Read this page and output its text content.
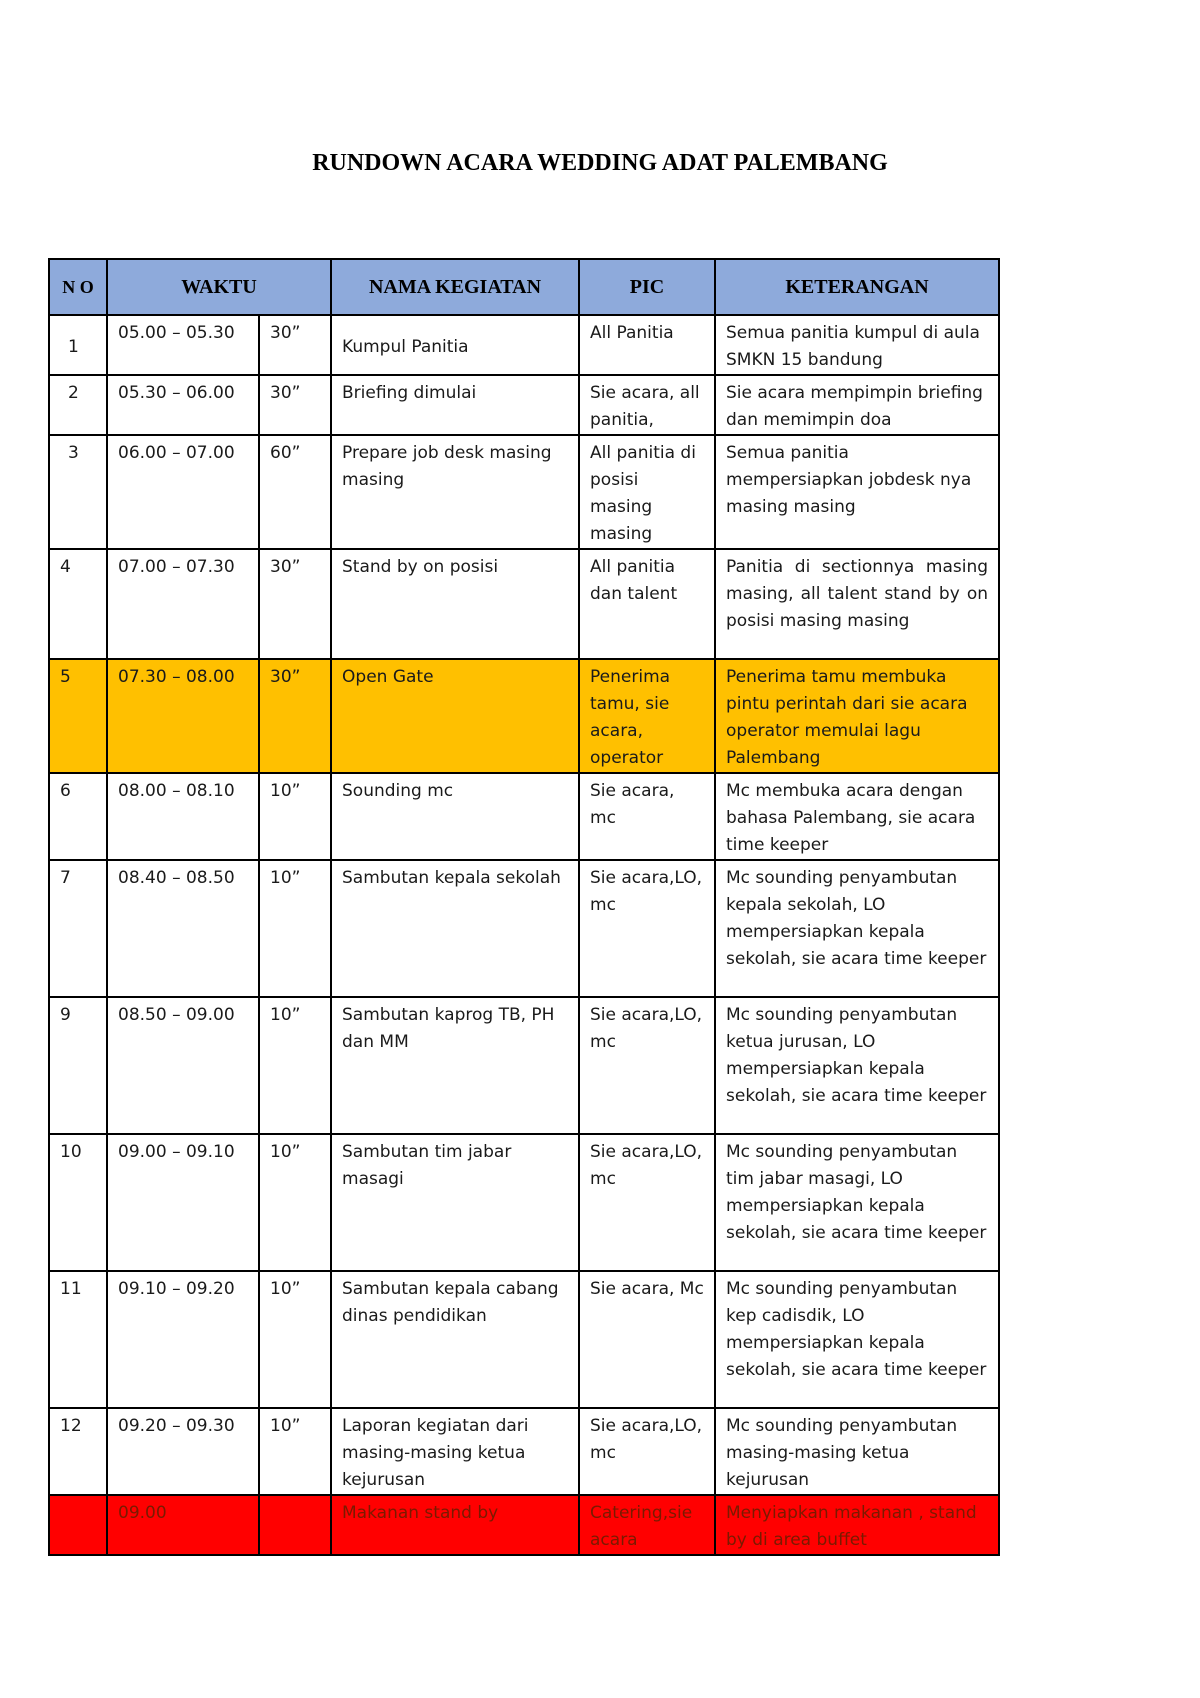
RUNDOWN ACARA WEDDING ADAT PALEMBANG
N O	WAKTU		NAMA KEGIATAN	PIC	KETERANGAN
1	05.00 – 05.30	30”	Kumpul Panitia	All Panitia	Semua panitia kumpul di aula SMKN 15 bandung
2	05.30 – 06.00	30”	Briefing dimulai	Sie acara, all panitia,	Sie acara mempimpin briefing dan memimpin doa
3	06.00 – 07.00	60”	Prepare job desk masing masing	All panitia di posisi masing masing	Semua panitia mempersiapkan jobdesk nya masing masing
4	07.00 – 07.30	30”	Stand by on posisi	All panitia dan talent	Panitia di sectionnya masing masing, all talent stand by on posisi masing masing
5	07.30 – 08.00	30”	Open Gate	Penerima tamu, sie acara, operator	Penerima tamu membuka pintu perintah dari sie acara operator memulai lagu Palembang
6	08.00 – 08.10	10”	Sounding mc	Sie acara, mc	Mc membuka acara dengan bahasa Palembang, sie acara time keeper
7	08.40 – 08.50	10”	Sambutan kepala sekolah	Sie acara,LO, mc	Mc sounding penyambutan kepala sekolah, LO mempersiapkan kepala sekolah, sie acara time keeper
9	08.50 – 09.00	10”	Sambutan kaprog TB, PH dan MM	Sie acara,LO, mc	Mc sounding penyambutan ketua jurusan, LO mempersiapkan kepala sekolah, sie acara time keeper
10	09.00 – 09.10	10”	Sambutan tim jabar masagi	Sie acara,LO, mc	Mc sounding penyambutan tim jabar masagi, LO mempersiapkan kepala sekolah, sie acara time keeper
11	09.10 – 09.20	10”	Sambutan kepala cabang dinas pendidikan	Sie acara, Mc	Mc sounding penyambutan kep cadisdik, LO mempersiapkan kepala sekolah, sie acara time keeper
12	09.20 – 09.30	10”	Laporan kegiatan dari masing-masing ketua kejurusan	Sie acara,LO, mc	Mc sounding penyambutan masing-masing ketua kejurusan
	09.00		Makanan stand by	Catering,sie acara	Menyiapkan makanan , stand by di area buffet
